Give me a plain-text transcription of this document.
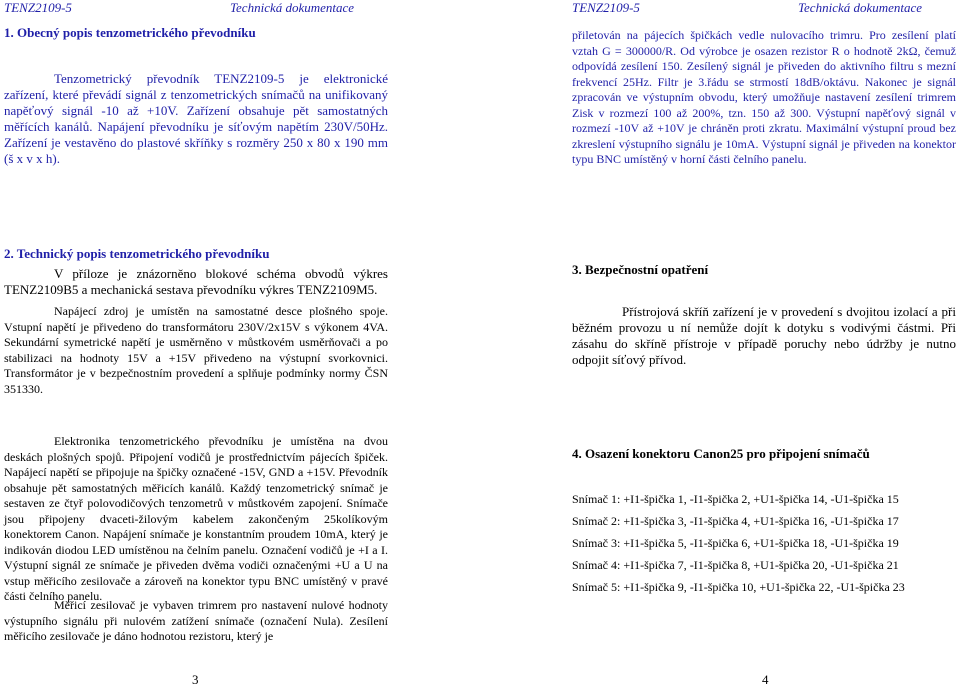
TENZ2109-5	Technická dokumentace
1. Obecný popis tenzometrického převodníku

Tenzometrický převodník TENZ2109-5 je elektronické zařízení, které převádí signál z tenzometrických snímačů na unifikovaný napěťový signál -10 až +10V. Zařízení obsahuje pět samostatných měřících kanálů. Napájení převodníku je síťovým napětím 230V/50Hz. Zařízení je vestavěno do plastové skříňky s rozměry 250 x 80 x 190 mm (š x v x h).

2. Technický popis tenzometrického převodníku

V příloze je znázorněno blokové schéma obvodů výkres TENZ2109B5 a mechanická sestava převodníku výkres TENZ2109M5.

Napájecí zdroj je umístěn na samostatné desce plošného spoje. Vstupní napětí je přivedeno do transformátoru 230V/2x15V s výkonem 4VA. Sekundární symetrické napětí je usměrněno v můstkovém usměrňovači a po stabilizaci na hodnoty 15V a +15V přivedeno na výstupní svorkovnici. Transformátor je v bezpečnostním provedení a splňuje podmínky normy ČSN 351330.

Elektronika tenzometrického převodníku je umístěna na dvou deskách plošných spojů. Připojení vodičů je prostřednictvím pájecích špiček. Napájecí napětí se připojuje na špičky označené -15V, GND a +15V. Převodník obsahuje pět samostatných měřicích kanálů. Každý tenzometrický snímač je sestaven ze čtyř polovodičových tenzometrů v můstkovém zapojení. Snímače jsou připojeny dvaceti-žilovým kabelem zakončeným 25kolíkovým konektorem Canon. Napájení snímače je konstantním proudem 10mA, který je indikován diodou LED umístěnou na čelním panelu. Označení vodičů je +I a I. Výstupní signál ze snímače je přiveden dvěma vodiči označenými +U a U na vstup měřicího zesilovače a zároveň na konektor typu BNC umístěný v pravé části čelního panelu.

Měřicí zesilovač je vybaven trimrem pro nastavení nulové hodnoty výstupního signálu při nulovém zatížení snímače (označení Nula). Zesílení měřicího zesilovače je dáno hodnotou rezistoru, který je

3
TENZ2109-5	Technická dokumentace

přiletován na pájecích špičkách vedle nulovacího trimru. Pro zesílení platí vztah G = 300000/R. Od výrobce je osazen rezistor R o hodnotě 2kΩ, čemuž odpovídá zesílení 150. Zesílený signál je přiveden do aktivního filtru s mezní frekvencí 25Hz. Filtr je 3.řádu se strmostí 18dB/oktávu. Nakonec je signál zpracován ve výstupním obvodu, který umožňuje nastavení zesílení trimrem Zisk v rozmezí 100 až 200%, tzn. 150 až 300. Výstupní napěťový signál v rozmezí -10V až +10V je chráněn proti zkratu. Maximální výstupní proud bez zkreslení výstupního signálu je 10mA. Výstupní signál je přiveden na konektor typu BNC umístěný v horní části čelního panelu.

3. Bezpečnostní opatření

Přístrojová skříň zařízení je v provedení s dvojitou izolací a při běžném provozu u ní nemůže dojít k dotyku s vodivými částmi. Při zásahu do skříně přístroje v případě poruchy nebo údržby je nutno odpojit síťový přívod.

4. Osazení konektoru Canon25 pro připojení snímačů
Snímač 1: +I1-špička 1, -I1-špička 2, +U1-špička 14, -U1-špička 15
Snímač 2: +I1-špička 3, -I1-špička 4, +U1-špička 16, -U1-špička 17
Snímač 3: +I1-špička 5, -I1-špička 6, +U1-špička 18, -U1-špička 19
Snímač 4: +I1-špička 7, -I1-špička 8, +U1-špička 20, -U1-špička 21
Snímač 5: +I1-špička 9, -I1-špička 10, +U1-špička 22, -U1-špička 23
4
